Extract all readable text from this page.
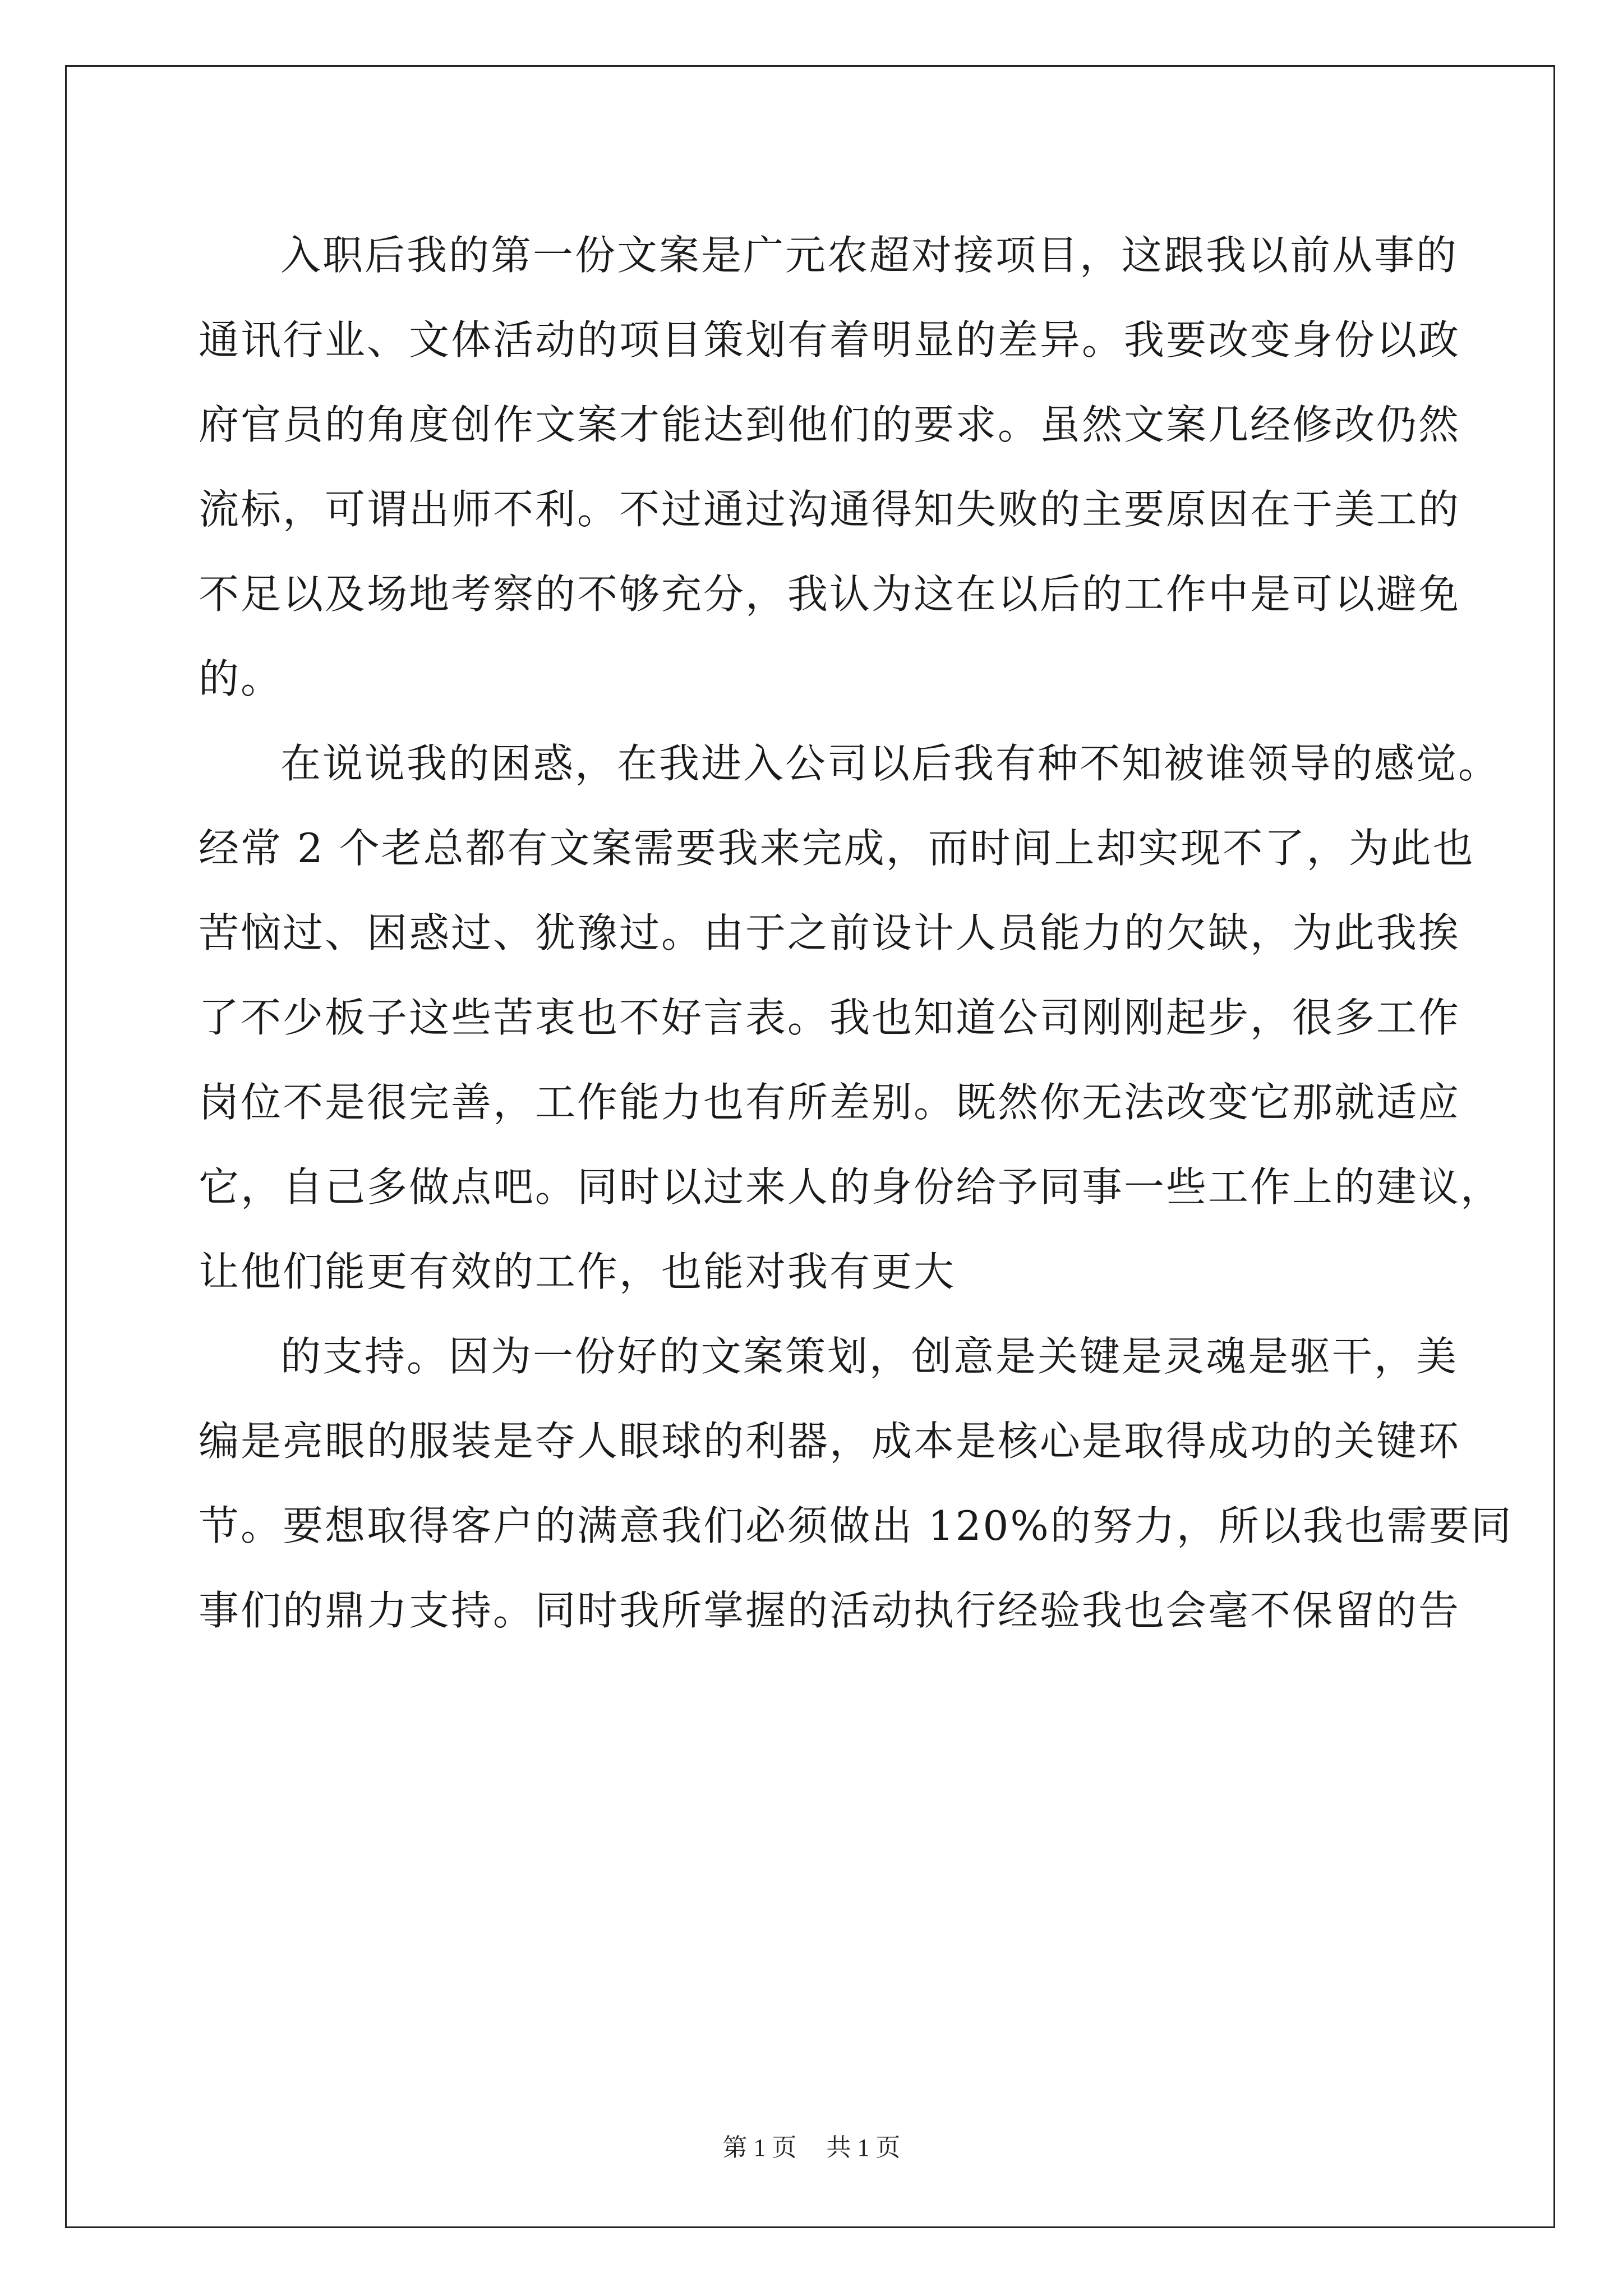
入职后我的第一份文案是广元农超对接项目，这跟我以前从事的
通讯行业、文体活动的项目策划有着明显的差异。我要改变身份以政
府官员的角度创作文案才能达到他们的要求。虽然文案几经修改仍然
流标，可谓出师不利。不过通过沟通得知失败的主要原因在于美工的
不足以及场地考察的不够充分，我认为这在以后的工作中是可以避免
的。
在说说我的困惑，在我进入公司以后我有种不知被谁领导的感觉。
经常 2 个老总都有文案需要我来完成，而时间上却实现不了，为此也
苦恼过、困惑过、犹豫过。由于之前设计人员能力的欠缺，为此我挨
了不少板子这些苦衷也不好言表。我也知道公司刚刚起步，很多工作
岗位不是很完善，工作能力也有所差别。既然你无法改变它那就适应
它，自己多做点吧。同时以过来人的身份给予同事一些工作上的建议，
让他们能更有效的工作，也能对我有更大
的支持。因为一份好的文案策划，创意是关键是灵魂是驱干，美
编是亮眼的服装是夺人眼球的利器，成本是核心是取得成功的关键环
节。要想取得客户的满意我们必须做出 120%的努力，所以我也需要同
事们的鼎力支持。同时我所掌握的活动执行经验我也会毫不保留的告
第 1 页 共 1 页
